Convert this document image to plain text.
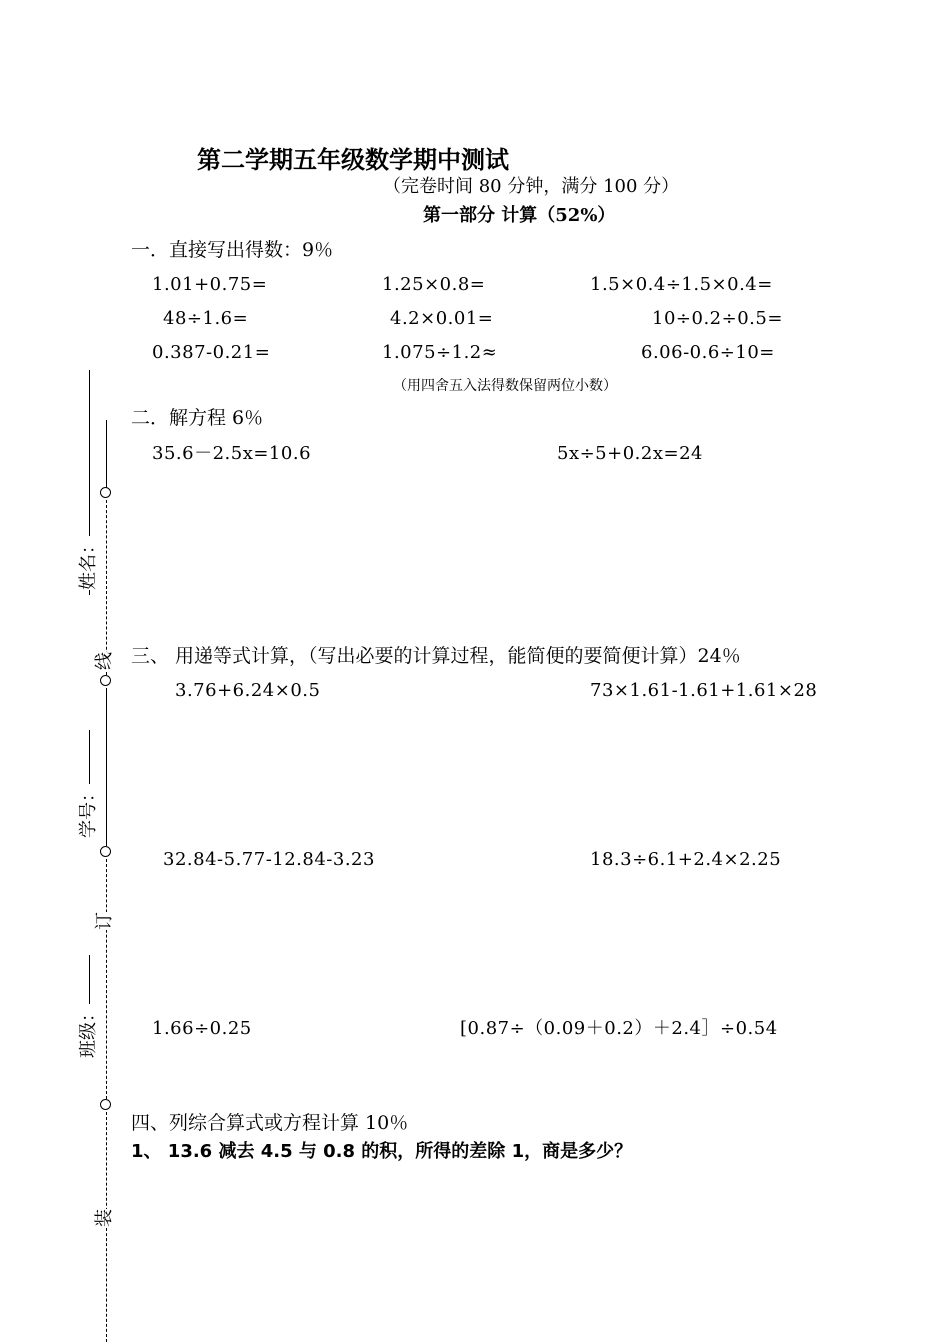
姓名：
学号：
班级：
线
订
装
第二学期五年级数学期中测试
（完卷时间 80 分钟，满分 100 分）
第一部分 计算（52%）
一．直接写出得数：9％
1.01+0.75=	1.25×0.8=	1.5×0.4÷1.5×0.4=
48÷1.6=	4.2×0.01=	10÷0.2÷0.5=
0.387-0.21=	1.075÷1.2≈	6.06-0.6÷10=
（用四舍五入法得数保留两位小数）
二．解方程 6％
35.6－2.5x=10.6	5x÷5+0.2x=24
三、 用递等式计算，（写出必要的计算过程，能简便的要简便计算）24％
3.76+6.24×0.5	73×1.61-1.61+1.61×28
32.84-5.77-12.84-3.23	18.3÷6.1+2.4×2.25
1.66÷0.25	[0.87÷（0.09＋0.2）＋2.4］÷0.54
四、列综合算式或方程计算 10％
1、 13.6 减去 4.5 与 0.8 的积，所得的差除 1，商是多少？
